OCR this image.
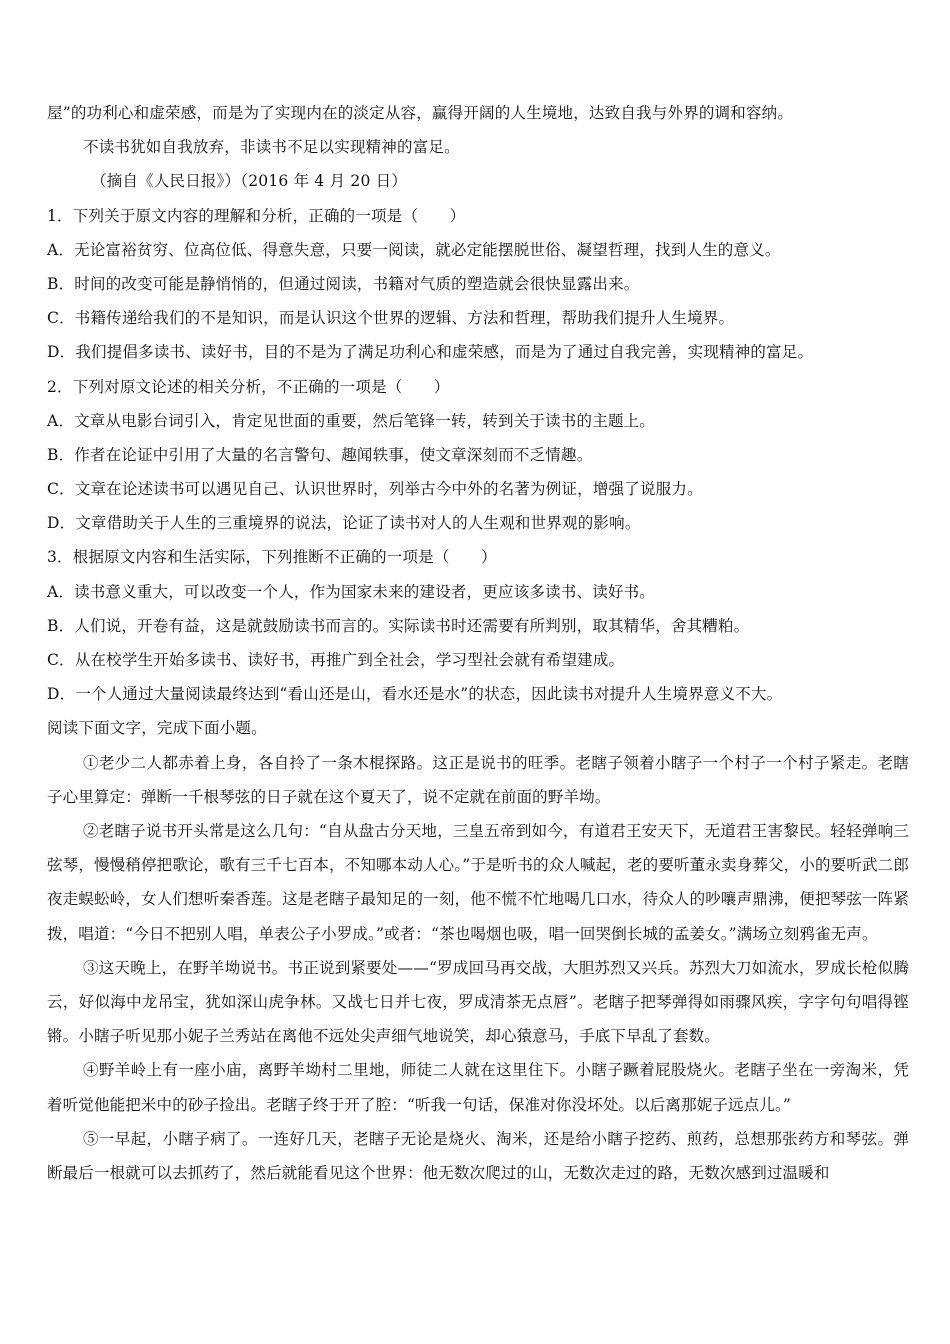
屋”的功利心和虚荣感，而是为了实现内在的淡定从容，赢得开阔的人生境地，达致自我与外界的调和容纳。
不读书犹如自我放弃，非读书不足以实现精神的富足。
（摘自《人民日报》）（2016 年 4 月 20 日）
1．下列关于原文内容的理解和分析，正确的一项是（　　）
A．无论富裕贫穷、位高位低、得意失意，只要一阅读，就必定能摆脱世俗、凝望哲理，找到人生的意义。
B．时间的改变可能是静悄悄的，但通过阅读，书籍对气质的塑造就会很快显露出来。
C．书籍传递给我们的不是知识，而是认识这个世界的逻辑、方法和哲理，帮助我们提升人生境界。
D．我们提倡多读书、读好书，目的不是为了满足功利心和虚荣感，而是为了通过自我完善，实现精神的富足。
2．下列对原文论述的相关分析，不正确的一项是（　　）
A．文章从电影台词引入，肯定见世面的重要，然后笔锋一转，转到关于读书的主题上。
B．作者在论证中引用了大量的名言警句、趣闻轶事，使文章深刻而不乏情趣。
C．文章在论述读书可以遇见自己、认识世界时，列举古今中外的名著为例证，增强了说服力。
D．文章借助关于人生的三重境界的说法，论证了读书对人的人生观和世界观的影响。
3．根据原文内容和生活实际，下列推断不正确的一项是（　　）
A．读书意义重大，可以改变一个人，作为国家未来的建设者，更应该多读书、读好书。
B．人们说，开卷有益，这是就鼓励读书而言的。实际读书时还需要有所判别，取其精华，舍其糟粕。
C．从在校学生开始多读书、读好书，再推广到全社会，学习型社会就有希望建成。
D．一个人通过大量阅读最终达到“看山还是山，看水还是水”的状态，因此读书对提升人生境界意义不大。
阅读下面文字，完成下面小题。
①老少二人都赤着上身，各自拎了一条木棍探路。这正是说书的旺季。老瞎子领着小瞎子一个村子一个村子紧走。老瞎子心里算定：弹断一千根琴弦的日子就在这个夏天了，说不定就在前面的野羊坳。
②老瞎子说书开头常是这么几句：“自从盘古分天地，三皇五帝到如今，有道君王安天下，无道君王害黎民。轻轻弹响三弦琴，慢慢稍停把歌论，歌有三千七百本，不知哪本动人心。”于是听书的众人喊起，老的要听董永卖身葬父，小的要听武二郎夜走蜈蚣岭，女人们想听秦香莲。这是老瞎子最知足的一刻，他不慌不忙地喝几口水，待众人的吵嚷声鼎沸，便把琴弦一阵紧拨，唱道：“今日不把别人唱，单表公子小罗成。”或者：“茶也喝烟也吸，唱一回哭倒长城的孟姜女。”满场立刻鸦雀无声。
③这天晚上，在野羊坳说书。书正说到紧要处——“罗成回马再交战，大胆苏烈又兴兵。苏烈大刀如流水，罗成长枪似腾云，好似海中龙吊宝，犹如深山虎争林。又战七日并七夜，罗成清茶无点唇”。老瞎子把琴弹得如雨骤风疾，字字句句唱得铿锵。小瞎子听见那小妮子兰秀站在离他不远处尖声细气地说笑，却心猿意马，手底下早乱了套数。
④野羊岭上有一座小庙，离野羊坳村二里地，师徒二人就在这里住下。小瞎子蹶着屁股烧火。老瞎子坐在一旁淘米，凭着听觉他能把米中的砂子捡出。老瞎子终于开了腔：“听我一句话，保准对你没坏处。以后离那妮子远点儿。”
⑤一早起，小瞎子病了。一连好几天，老瞎子无论是烧火、淘米，还是给小瞎子挖药、煎药，总想那张药方和琴弦。弹断最后一根就可以去抓药了，然后就能看见这个世界：他无数次爬过的山，无数次走过的路，无数次感到过温暖和
